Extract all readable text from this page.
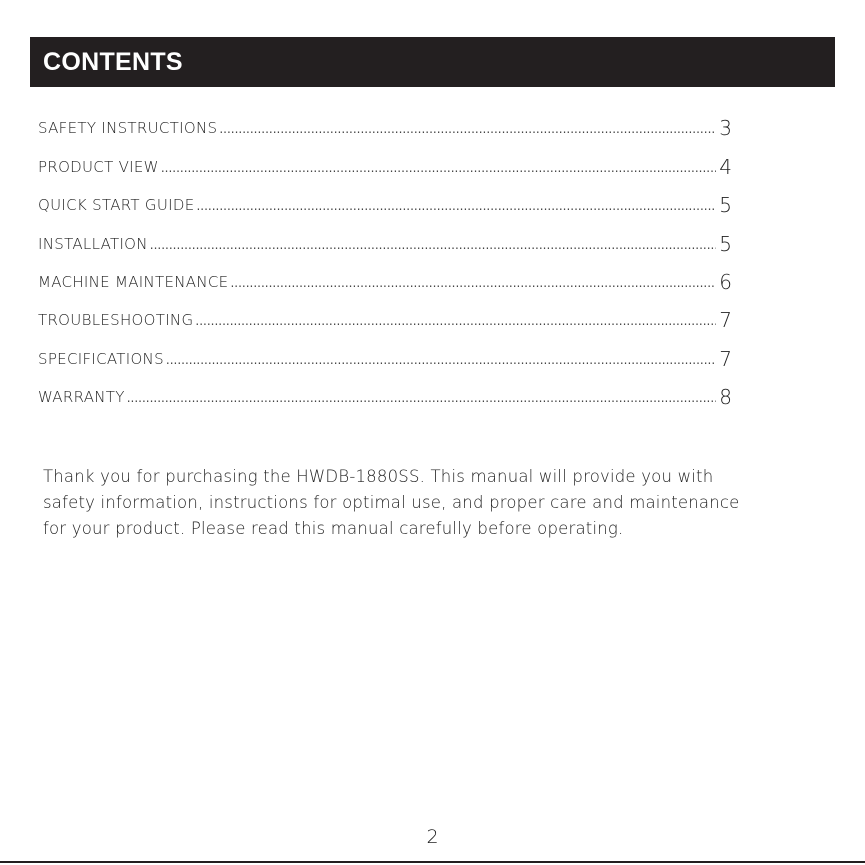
CONTENTS
SAFETY INSTRUCTIONS .....	3
PRODUCT VIEW .....	4
QUICK START GUIDE .....	5
INSTALLATION .....	5
MACHINE MAINTENANCE .....	6
TROUBLESHOOTING .....	7
SPECIFICATIONS .....	7
WARRANTY .....	8
Thank you for purchasing the HWDB-1880SS. This manual will provide you with
safety information, instructions for optimal use, and proper care and maintenance
for your product. Please read this manual carefully before operating.
2
